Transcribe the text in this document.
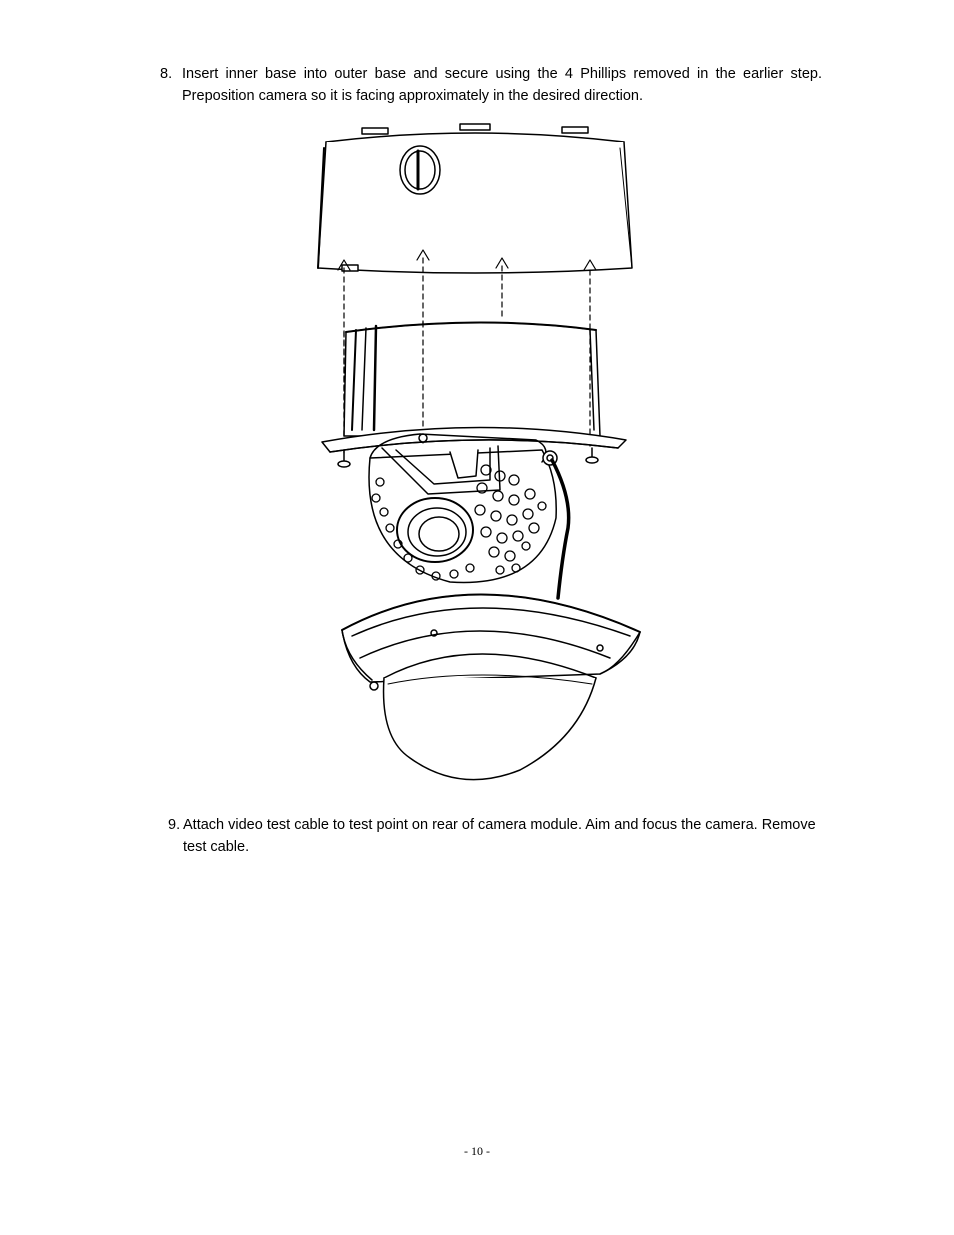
8. Insert inner base into outer base and secure using the 4 Phillips removed in the earlier step.
Preposition camera so it is facing approximately in the desired direction.
9. Attach video test cable to test point on rear of camera module. Aim and focus the camera. Remove
test cable.
- 10 -
